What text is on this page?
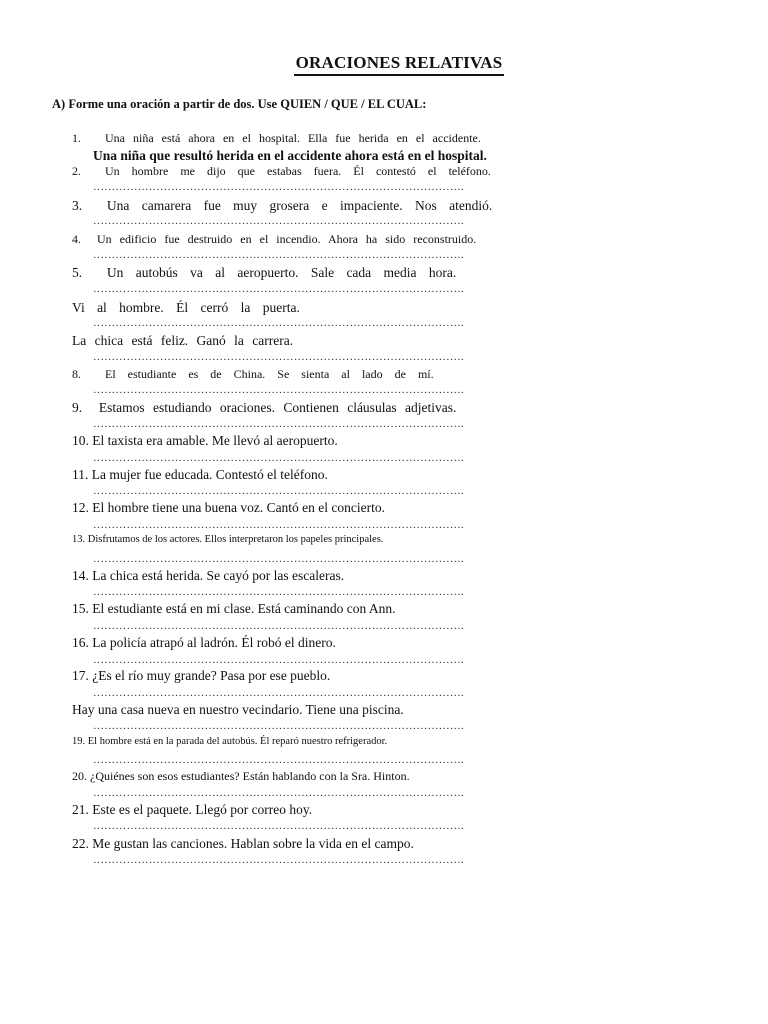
ORACIONES RELATIVAS
A) Forme una oración a partir de dos. Use QUIEN / QUE / EL CUAL:
1. Una niña está ahora en el hospital. Ella fue herida en el accidente.
Una niña que resultó herida en el accidente ahora está en el hospital.
2. Un hombre me dijo que estabas fuera. Él contestó el teléfono.
……………………………………………………………………………………….
3. Una camarera fue muy grosera e impaciente. Nos atendió.
……………………………………………………………………………………….
4. Un edificio fue destruido en el incendio. Ahora ha sido reconstruido.
……………………………………………………………………………………….
5. Un autobús va al aeropuerto. Sale cada media hora.
……………………………………………………………………………………….
Vi al hombre. Él cerró la puerta.
……………………………………………………………………………………….
La chica está feliz. Ganó la carrera.
……………………………………………………………………………………….
8. El estudiante es de China. Se sienta al lado de mí.
……………………………………………………………………………………….
9. Estamos estudiando oraciones. Contienen cláusulas adjetivas.
……………………………………………………………………………………….
10. El taxista era amable. Me llevó al aeropuerto.
……………………………………………………………………………………….
11. La mujer fue educada. Contestó el teléfono.
……………………………………………………………………………………….
12. El hombre tiene una buena voz. Cantó en el concierto.
……………………………………………………………………………………….
13. Disfrutamos de los actores. Ellos interpretaron los papeles principales.
……………………………………………………………………………………….
14. La chica está herida. Se cayó por las escaleras.
……………………………………………………………………………………….
15. El estudiante está en mi clase. Está caminando con Ann.
……………………………………………………………………………………….
16. La policía atrapó al ladrón. Él robó el dinero.
……………………………………………………………………………………….
17. ¿Es el río muy grande? Pasa por ese pueblo.
……………………………………………………………………………………….
Hay una casa nueva en nuestro vecindario. Tiene una piscina.
……………………………………………………………………………………….
19. El hombre está en la parada del autobús. Él reparó nuestro refrigerador.
……………………………………………………………………………………….
20. ¿Quiénes son esos estudiantes? Están hablando con la Sra. Hinton.
……………………………………………………………………………………….
21. Este es el paquete. Llegó por correo hoy.
……………………………………………………………………………………….
22. Me gustan las canciones. Hablan sobre la vida en el campo.
……………………………………………………………………………………….
